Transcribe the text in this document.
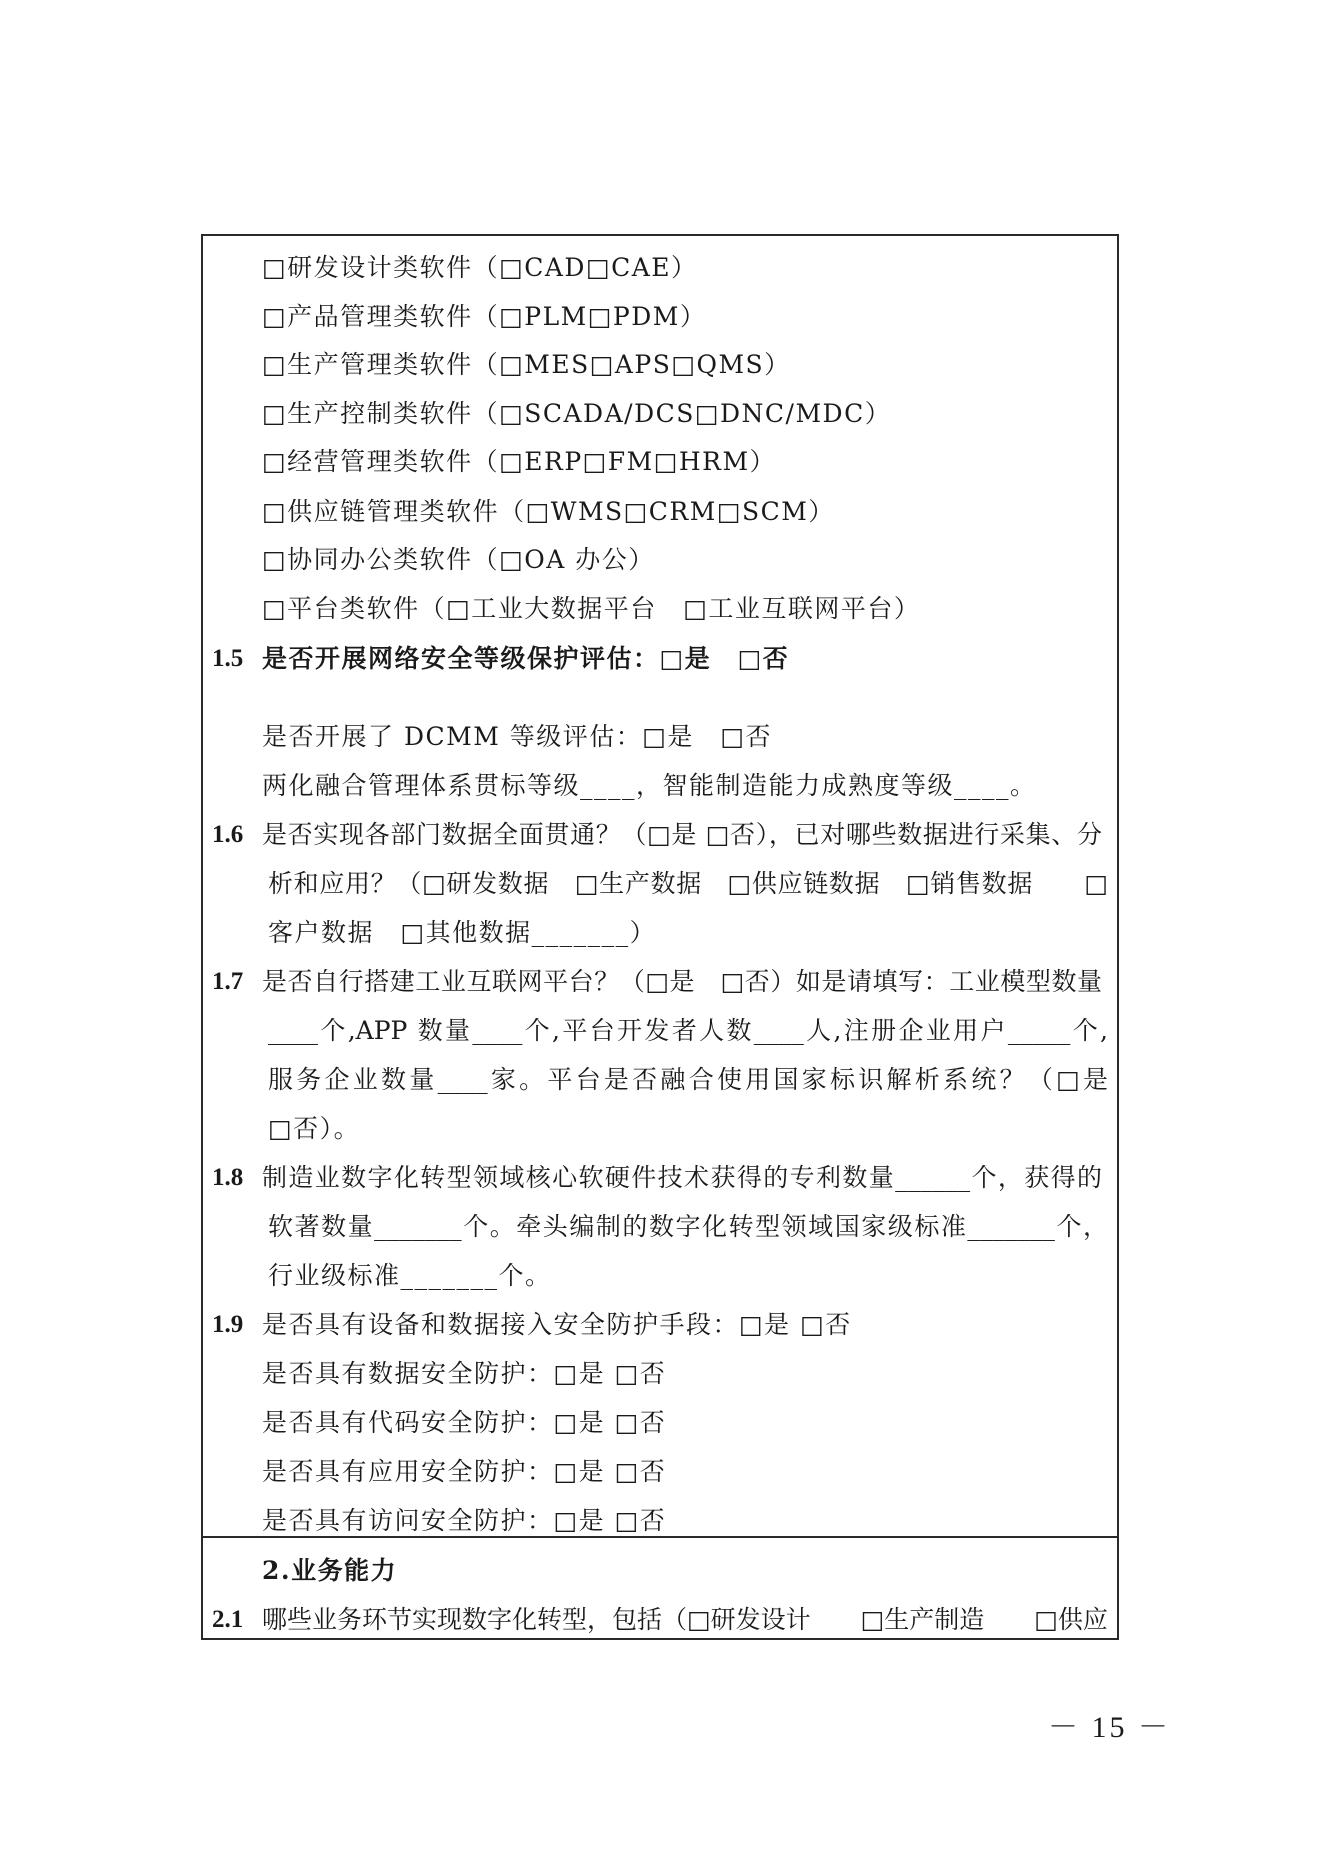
□研发设计类软件（□CAD□CAE）
□产品管理类软件（□PLM□PDM）
□生产管理类软件（□MES□APS□QMS）
□生产控制类软件（□SCADA/DCS□DNC/MDC）
□经营管理类软件（□ERP□FM□HRM）
□供应链管理类软件（□WMS□CRM□SCM）
□协同办公类软件（□OA 办公）
□平台类软件（□工业大数据平台　□工业互联网平台）
1.5 是否开展网络安全等级保护评估：□是　□否
是否开展了 DCMM 等级评估：□是　□否
两化融合管理体系贯标等级____，智能制造能力成熟度等级____。
1.6 是否实现各部门数据全面贯通？（□是 □否），已对哪些数据进行采集、分
析和应用？（□研发数据　□生产数据　□供应链数据　□销售数据　　□
客户数据　□其他数据_______）
1.7 是否自行搭建工业互联网平台？（□是　□否）如是请填写：工业模型数量
____个,APP 数量____个,平台开发者人数____人,注册企业用户_____个,
服务企业数量____家。平台是否融合使用国家标识解析系统？（□是
□否）。
1.8 制造业数字化转型领域核心软硬件技术获得的专利数量______个，获得的
软著数量_______个。牵头编制的数字化转型领域国家级标准_______个，
行业级标准_______个。
1.9 是否具有设备和数据接入安全防护手段：□是 □否
是否具有数据安全防护：□是 □否
是否具有代码安全防护：□是 □否
是否具有应用安全防护：□是 □否
是否具有访问安全防护：□是 □否
2.业务能力
2.1 哪些业务环节实现数字化转型，包括（□研发设计　　□生产制造　　□供应
－ 15 －
